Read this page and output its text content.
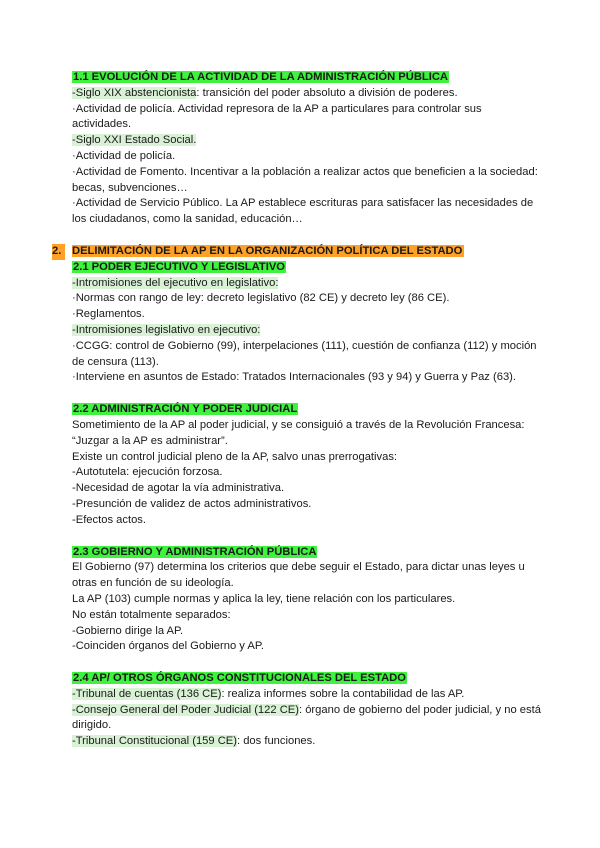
1.1 EVOLUCIÓN DE LA ACTIVIDAD DE LA ADMINISTRACIÓN PÚBLICA
-Siglo XIX abstencionista: transición del poder absoluto a división de poderes.
·Actividad de policía. Actividad represora de la AP a particulares para controlar sus actividades.
-Siglo XXI Estado Social.
·Actividad de policía.
·Actividad de Fomento. Incentivar a la población a realizar actos que beneficien a la sociedad: becas, subvenciones…
·Actividad de Servicio Público. La AP establece escrituras para satisfacer las necesidades de los ciudadanos, como la sanidad, educación…
2. DELIMITACIÓN DE LA AP EN LA ORGANIZACIÓN POLÍTICA DEL ESTADO
2.1 PODER EJECUTIVO Y LEGISLATIVO
-Intromisiones del ejecutivo en legislativo:
·Normas con rango de ley: decreto legislativo (82 CE) y decreto ley (86 CE).
·Reglamentos.
-Intromisiones legislativo en ejecutivo:
·CCGG: control de Gobierno (99), interpelaciones (111), cuestión de confianza (112) y moción de censura (113).
·Interviene en asuntos de Estado: Tratados Internacionales (93 y 94) y Guerra y Paz (63).
2.2 ADMINISTRACIÓN Y PODER JUDICIAL
Sometimiento de la AP al poder judicial, y se consiguió a través de la Revolución Francesa: “Juzgar a la AP es administrar”.
Existe un control judicial pleno de la AP, salvo unas prerrogativas:
-Autotutela: ejecución forzosa.
-Necesidad de agotar la vía administrativa.
-Presunción de validez de actos administrativos.
-Efectos actos.
2.3 GOBIERNO Y ADMINISTRACIÓN PÚBLICA
El Gobierno (97) determina los criterios que debe seguir el Estado, para dictar unas leyes u otras en función de su ideología.
La AP (103) cumple normas y aplica la ley, tiene relación con los particulares.
No están totalmente separados:
-Gobierno dirige la AP.
-Coinciden órganos del Gobierno y AP.
2.4 AP/ OTROS ÓRGANOS CONSTITUCIONALES DEL ESTADO
-Tribunal de cuentas (136 CE): realiza informes sobre la contabilidad de las AP.
-Consejo General del Poder Judicial (122 CE): órgano de gobierno del poder judicial, y no está dirigido.
-Tribunal Constitucional (159 CE): dos funciones.
